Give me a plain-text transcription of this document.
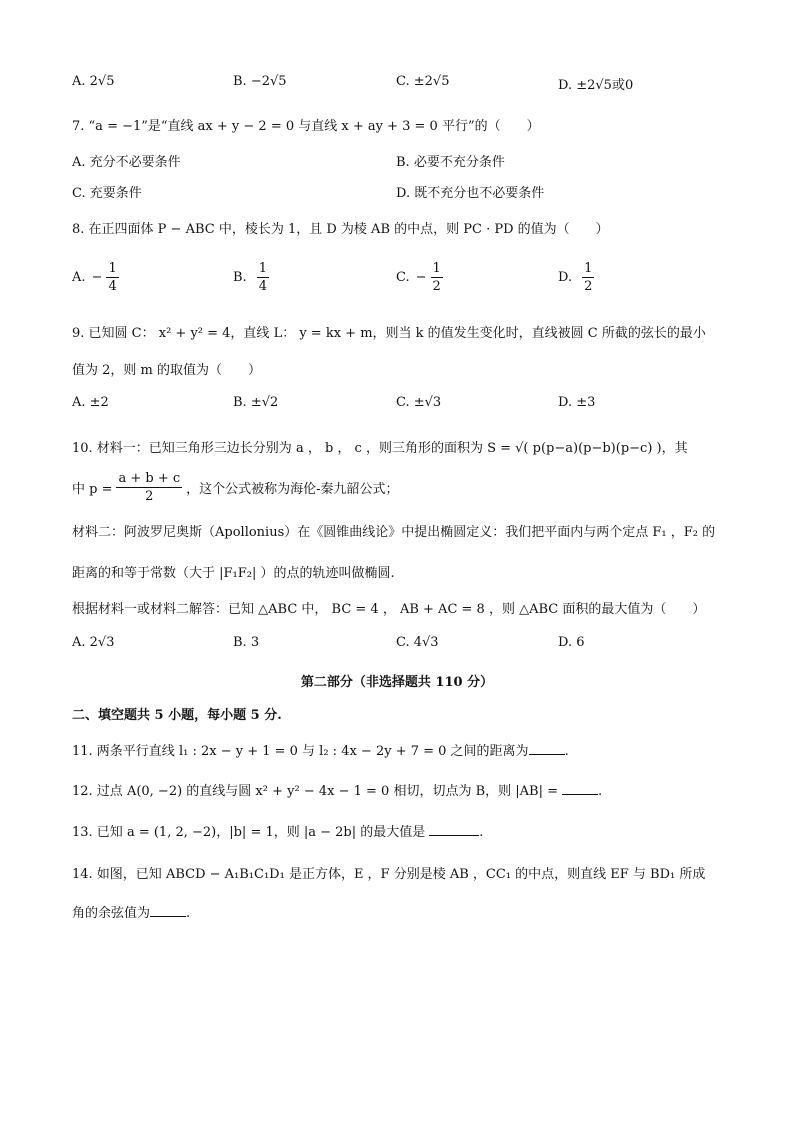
A. 2√5	B. −2√5	C. ±2√5	D. ±2√5或0
7. “a = −1”是“直线 ax + y − 2 = 0 与直线 x + ay + 3 = 0 平行”的（　　）
A. 充分不必要条件	B. 必要不充分条件
C. 充要条件	D. 既不充分也不必要条件
8. 在正四面体 P − ABC 中，棱长为 1，且 D 为棱 AB 的中点，则 PC · PD 的值为（　　）
A. − $\frac{1}{4}$	B. $\frac{1}{4}$	C. − $\frac{1}{2}$	D. $\frac{1}{2}$
9. 已知圆 C： x² + y² = 4，直线 L： y = kx + m，则当 k 的值发生变化时，直线被圆 C 所截的弦长的最小
值为 2，则 m 的取值为（　　）
A. ±2	B. ±√2	C. ±√3	D. ±3
10. 材料一：已知三角形三边长分别为 a ， b ， c ，则三角形的面积为 S = √( p(p−a)(p−b)(p−c) )，其
中 $p = \frac{a + b + c}{2}$ ，这个公式被称为海伦-秦九韶公式；
材料二：阿波罗尼奥斯（Apollonius）在《圆锥曲线论》中提出椭圆定义：我们把平面内与两个定点 F₁ ，F₂ 的
距离的和等于常数（大于 |F₁F₂| ）的点的轨迹叫做椭圆.
根据材料一或材料二解答：已知 △ABC 中， BC = 4 ， AB + AC = 8 ，则 △ABC 面积的最大值为（　　）
A. 2√3	B. 3	C. 4√3	D. 6
第二部分（非选择题共 110 分）
二、填空题共 5 小题，每小题 5 分.
11. 两条平行直线 l₁ : 2x − y + 1 = 0 与 l₂ : 4x − 2y + 7 = 0 之间的距离为	.
12. 过点 A(0, −2) 的直线与圆 x² + y² − 4x − 1 = 0 相切，切点为 B，则 |AB| =	.
13. 已知 a = (1, 2, −2)，|b| = 1，则 |a − 2b| 的最大值是	.
14. 如图，已知 ABCD − A₁B₁C₁D₁ 是正方体，E ，F 分别是棱 AB ，CC₁ 的中点，则直线 EF 与 BD₁ 所成
角的余弦值为	.
